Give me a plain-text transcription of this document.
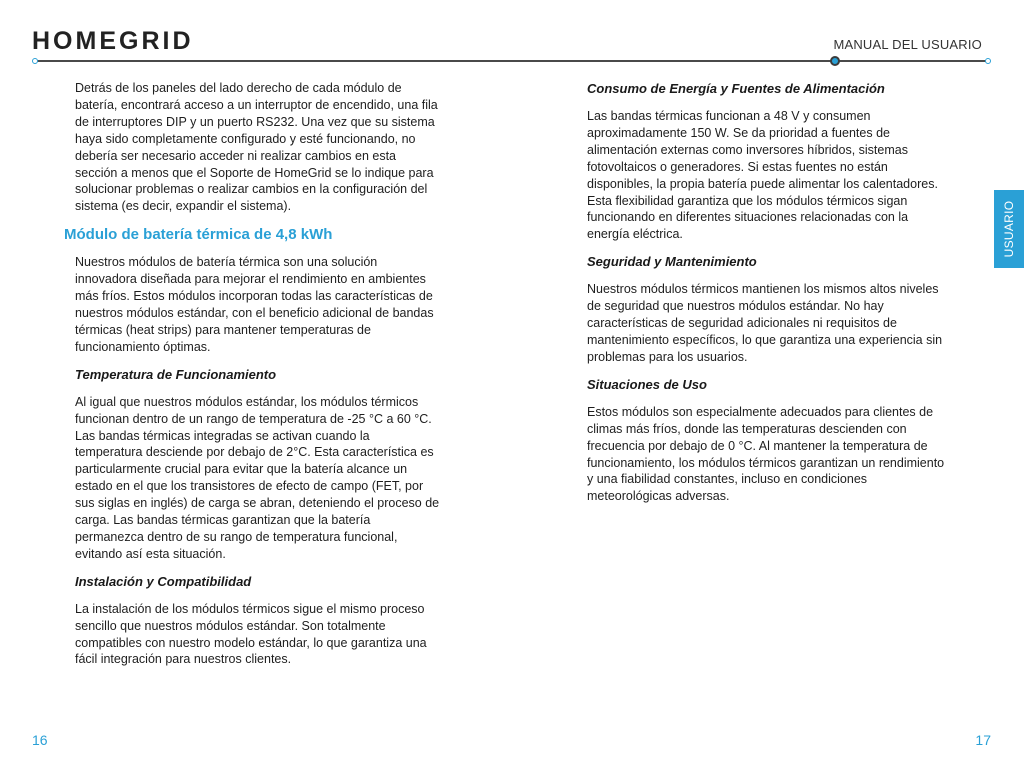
HOMEGRID	MANUAL DEL USUARIO

Detrás de los paneles del lado derecho de cada módulo de batería, encontrará acceso a un interruptor de encendido, una fila de interruptores DIP y un puerto RS232. Una vez que su sistema haya sido completamente configurado y esté funcionando, no debería ser necesario acceder ni realizar cambios en esta sección a menos que el Soporte de HomeGrid se lo indique para solucionar problemas o realizar cambios en la configuración del sistema (es decir, expandir el sistema).

Módulo de batería térmica de 4,8 kWh

Nuestros módulos de batería térmica son una solución innovadora diseñada para mejorar el rendimiento en ambientes más fríos. Estos módulos incorporan todas las características de nuestros módulos estándar, con el beneficio adicional de bandas térmicas (heat strips) para mantener temperaturas de funcionamiento óptimas.

Temperatura de Funcionamiento

Al igual que nuestros módulos estándar, los módulos térmicos funcionan dentro de un rango de temperatura de -25 °C a 60 °C. Las bandas térmicas integradas se activan cuando la temperatura desciende por debajo de 2°C. Esta característica es particularmente crucial para evitar que la batería alcance un estado en el que los transistores de efecto de campo (FET, por sus siglas en inglés) de carga se abran, deteniendo el proceso de carga. Las bandas térmicas garantizan que la batería permanezca dentro de su rango de temperatura funcional, evitando así esta situación.

Instalación y Compatibilidad

La instalación de los módulos térmicos sigue el mismo proceso sencillo que nuestros módulos estándar. Son totalmente compatibles con nuestro modelo estándar, lo que garantiza una fácil integración para nuestros clientes.

Consumo de Energía y Fuentes de Alimentación

Las bandas térmicas funcionan a 48 V y consumen aproximadamente 150 W. Se da prioridad a fuentes de alimentación externas como inversores híbridos, sistemas fotovoltaicos o generadores. Si estas fuentes no están disponibles, la propia batería puede alimentar los calentadores. Esta flexibilidad garantiza que los módulos térmicos sigan funcionando en diferentes situaciones relacionadas con la energía eléctrica.

Seguridad y Mantenimiento

Nuestros módulos térmicos mantienen los mismos altos niveles de seguridad que nuestros módulos estándar. No hay características de seguridad adicionales ni requisitos de mantenimiento específicos, lo que garantiza una experiencia sin problemas para los usuarios.

Situaciones de Uso

Estos módulos son especialmente adecuados para clientes de climas más fríos, donde las temperaturas descienden con frecuencia por debajo de 0 °C. Al mantener la temperatura de funcionamiento, los módulos térmicos garantizan un rendimiento y una fiabilidad constantes, incluso en condiciones meteorológicas adversas.

USUARIO
16	17
